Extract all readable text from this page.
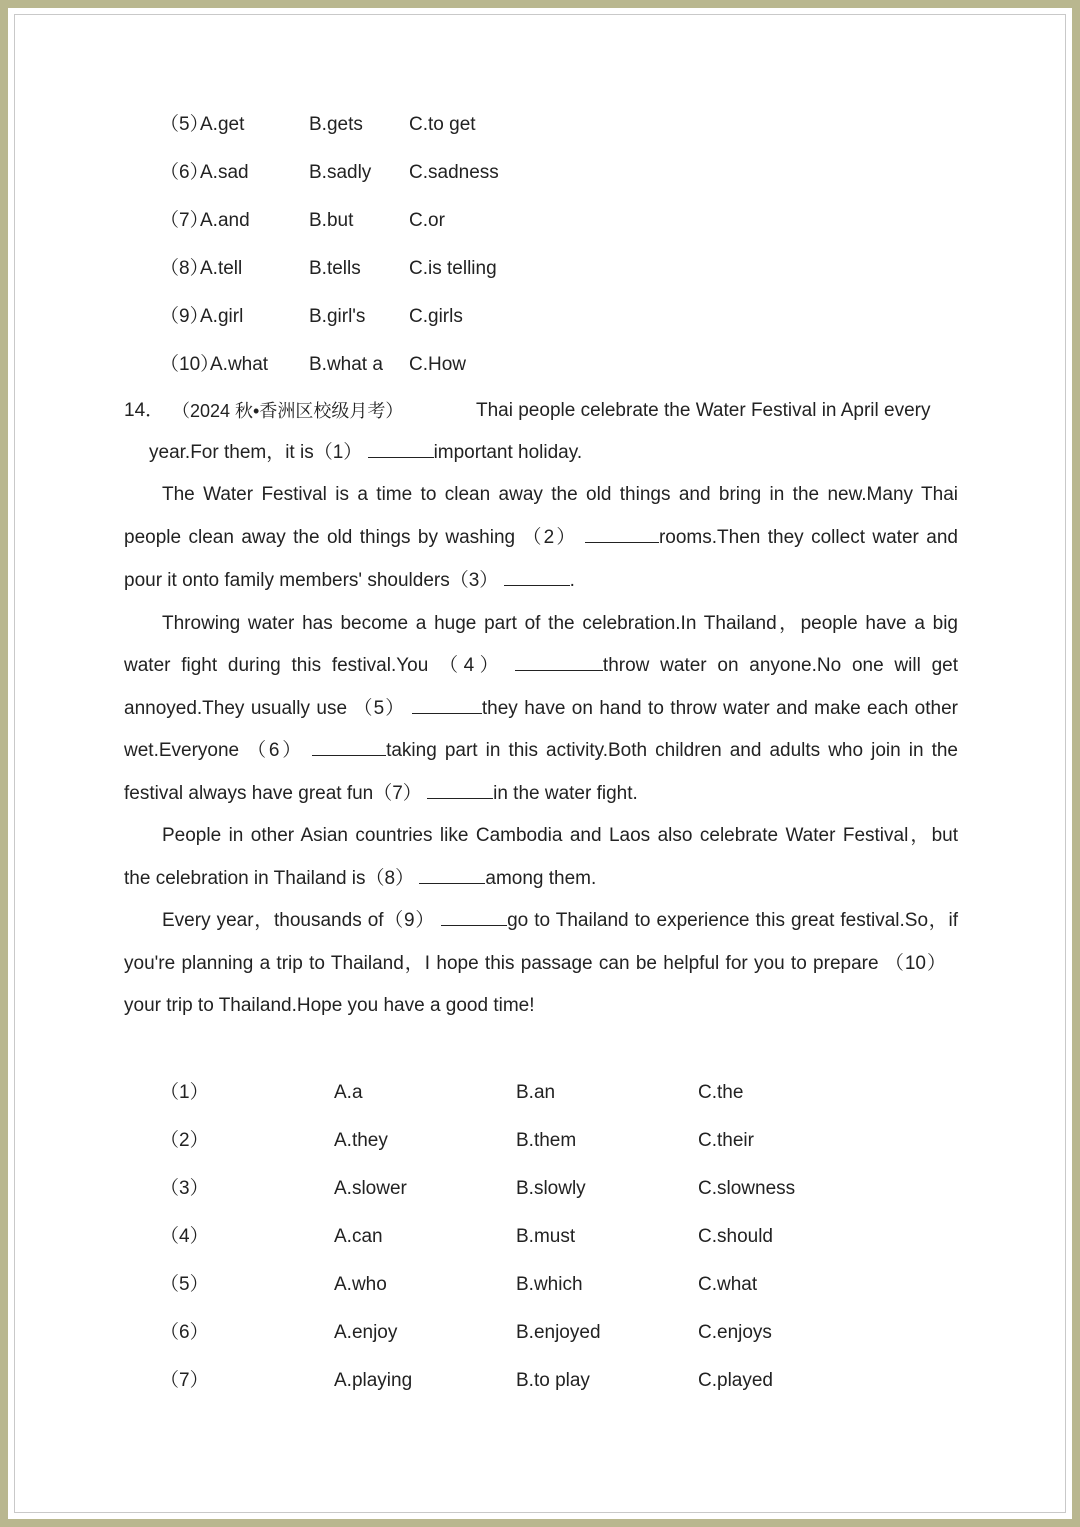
（5）
A.get	B.gets C.to get
（6）
A.sad	B.sadly C.sadness
（7）
A.and	B.but	C.or
（8）
A.tell	B.tells	C.is telling
（9）
A.girl	B.girl's C.girls
（10）
A.what B.what a C.How
14． （2024 秋•香洲区校级月考）	Thai people celebrate the Water Festival in April every
year.For them，it is（1）	important holiday.
The Water Festival is a time to clean away the old things and bring in the new.Many Thai
people clean away the old things by washing （2）	rooms.Then they collect water and
pour it onto family members' shoulders（3）	.
Throwing water has become a huge part of the celebration.In Thailand，people have a big
water fight during this festival.You （4）	throw water on anyone.No one will get
annoyed.They usually use （5）	they have on hand to throw water and make each other
wet.Everyone （6）	taking part in this activity.Both children and adults who join in the
festival always have great fun（7）	in the water fight.
People in other Asian countries like Cambodia and Laos also celebrate Water Festival，but
the celebration in Thailand is（8）	among them.
Every year，thousands of（9）	go to Thailand to experience this great festival.So，if
you're planning a trip to Thailand，I hope this passage can be helpful for you to prepare （10）
your trip to Thailand.Hope you have a good time!
（1）	A.a	B.an	C.the
（2）	A.they	B.them	C.their
（3）	A.slower	B.slowly	C.slowness
（4）	A.can	B.must	C.should
（5）	A.who	B.which	C.what
（6）	A.enjoy	B.enjoyed	C.enjoys
（7）	A.playing	B.to play	C.played
